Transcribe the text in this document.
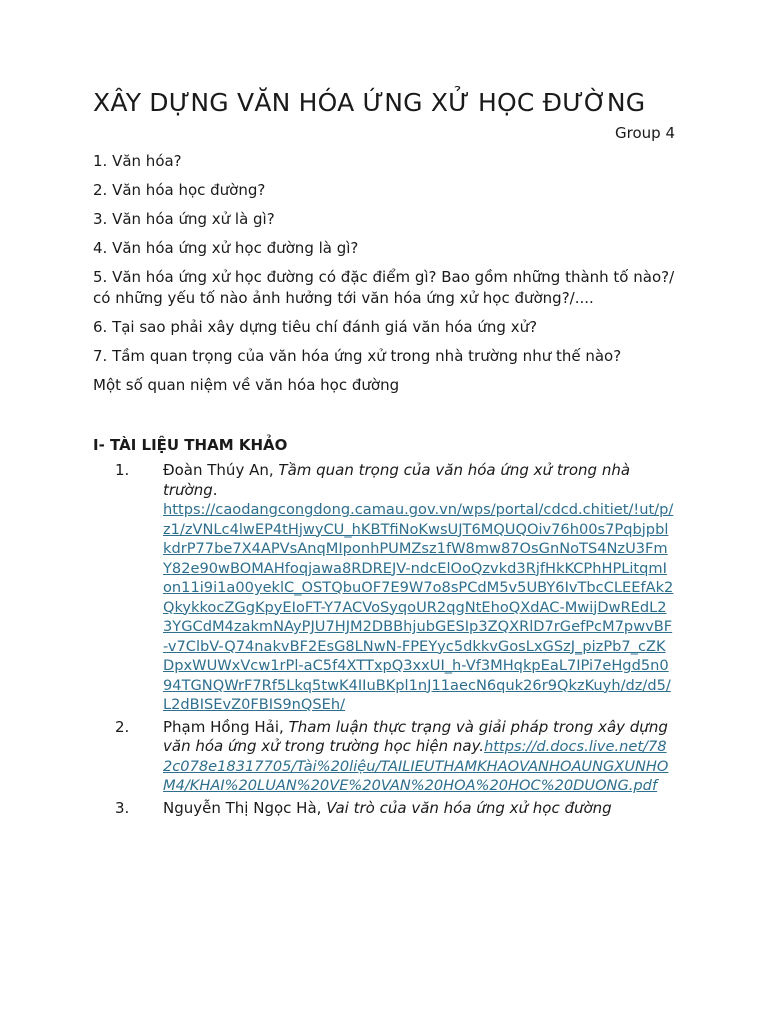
XÂY DỰNG VĂN HÓA ỨNG XỬ HỌC ĐƯỜNG
Group 4

1. Văn hóa?

2. Văn hóa học đường?

3. Văn hóa ứng xử là gì?

4. Văn hóa ứng xử học đường là gì?

5. Văn hóa ứng xử học đường có đặc điểm gì? Bao gồm những thành tố nào?/ có những yếu tố nào ảnh hưởng tới văn hóa ứng xử học đường?/....

6. Tại sao phải xây dựng tiêu chí đánh giá văn hóa ứng xử?

7. Tầm quan trọng của văn hóa ứng xử trong nhà trường như thế nào?

Một số quan niệm về văn hóa học đường

I- TÀI LIỆU THAM KHẢO
1. Đoàn Thúy An, Tầm quan trọng của văn hóa ứng xử trong nhà trường.
https://caodangcongdong.camau.gov.vn/wps/portal/cdcd.chitiet/!ut/p/z1/zVNLc4lwEP4tHjwyCU_hKBTfiNoKwsUJT6MQUQOiv76h00s7PqbjpblkdrP77be7X4APVsAnqMIponhPUMZsz1fW8mw87OsGnNoTS4NzU3FmY82e90wBOMAHfoqjawa8RDREJV-ndcElOoQzvkd3RjfHkKCPhHPLitqmIon11i9i1a00yeklC_OSTQbuOF7E9W7o8sPCdM5v5UBY6IvTbcCLEEfAk2QkykkocZGgKpyEIoFT-Y7ACVoSyqoUR2qgNtEhoQXdAC-MwijDwREdL23YGCdM4zakmNAyPJU7HJM2DBBhjubGESIp3ZQXRlD7rGefPcM7pwvBF-v7ClbV-Q74nakvBF2EsG8LNwN-FPEYyc5dkkvGosLxGSzJ_pizPb7_cZKDpxWUWxVcw1rPl-aC5f4XTTxpQ3xxUI_h-Vf3MHqkpEaL7IPi7eHgd5n094TGNQWrF7Rf5Lkq5twK4IIuBKpl1nJ11aecN6quk26r9QkzKuyh/dz/d5/L2dBISEvZ0FBIS9nQSEh/
2. Phạm Hồng Hải, Tham luận thực trạng và giải pháp trong xây dựng văn hóa ứng xử trong trường học hiện nay.https://d.docs.live.net/782c078e18317705/Tài%20liệu/TAILIEUTHAMKHAOVANHOAUNGXUNHOM4/KHAI%20LUAN%20VE%20VAN%20HOA%20HOC%20DUONG.pdf
3. Nguyễn Thị Ngọc Hà, Vai trò của văn hóa ứng xử học đường
